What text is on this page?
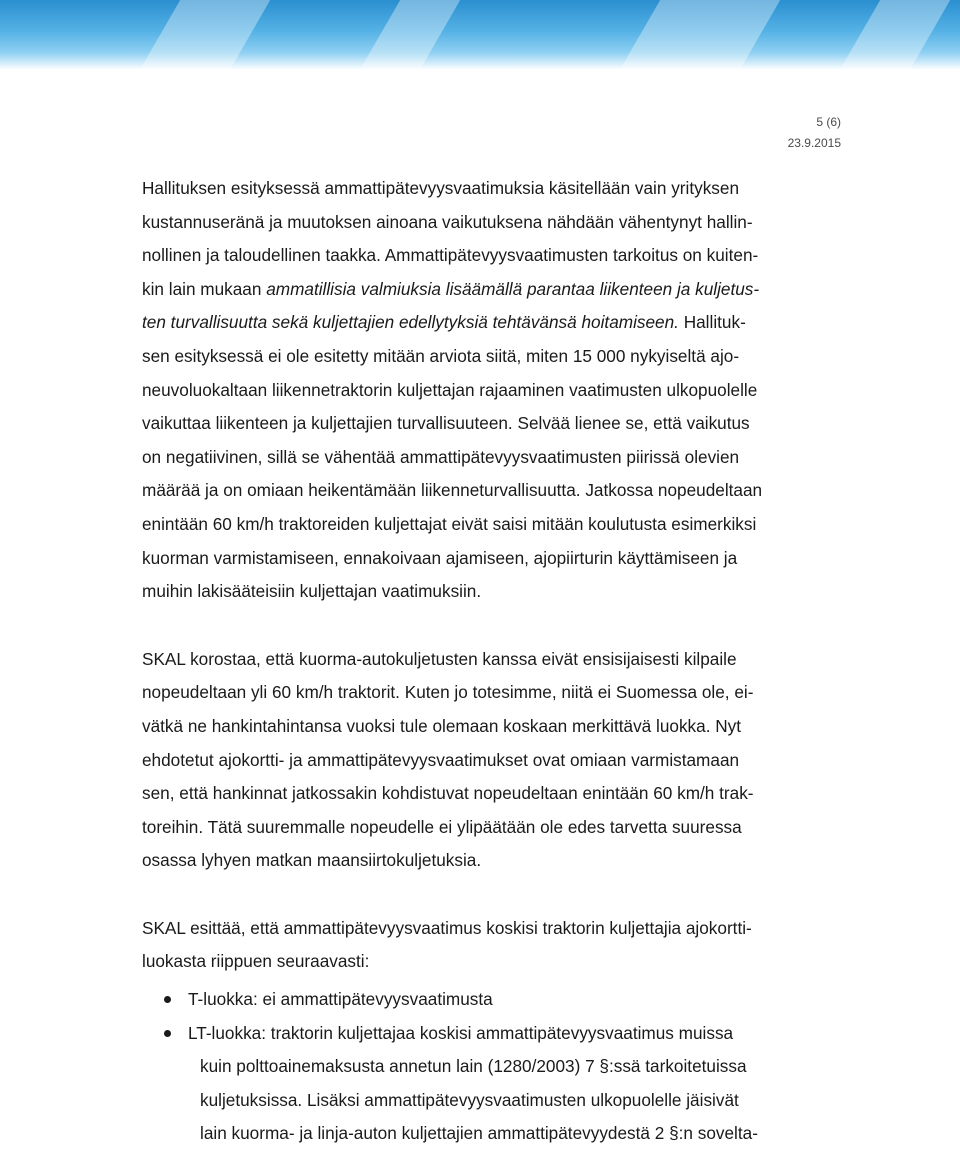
5 (6)
23.9.2015

Hallituksen esityksessä ammattipätevyysvaatimuksia käsitellään vain yrityksen
kustannuseränä ja muutoksen ainoana vaikutuksena nähdään vähentynyt hallin-
nollinen ja taloudellinen taakka. Ammattipätevyysvaatimusten tarkoitus on kuiten-
kin lain mukaan ammatillisia valmiuksia lisäämällä parantaa liikenteen ja kuljetus-
ten turvallisuutta sekä kuljettajien edellytyksiä tehtävänsä hoitamiseen. Hallituk-
sen esityksessä ei ole esitetty mitään arviota siitä, miten 15 000 nykyiseltä ajo-
neuvoluokaltaan liikennetraktorin kuljettajan rajaaminen vaatimusten ulkopuolelle
vaikuttaa liikenteen ja kuljettajien turvallisuuteen. Selvää lienee se, että vaikutus
on negatiivinen, sillä se vähentää ammattipätevyysvaatimusten piirissä olevien
määrää ja on omiaan heikentämään liikenneturvallisuutta. Jatkossa nopeudeltaan
enintään 60 km/h traktoreiden kuljettajat eivät saisi mitään koulutusta esimerkiksi
kuorman varmistamiseen, ennakoivaan ajamiseen, ajopiirturin käyttämiseen ja
muihin lakisääteisiin kuljettajan vaatimuksiin.

SKAL korostaa, että kuorma-autokuljetusten kanssa eivät ensisijaisesti kilpaile
nopeudeltaan yli 60 km/h traktorit. Kuten jo totesimme, niitä ei Suomessa ole, ei-
vätkä ne hankintahintansa vuoksi tule olemaan koskaan merkittävä luokka. Nyt
ehdotetut ajokortti- ja ammattipätevyysvaatimukset ovat omiaan varmistamaan
sen, että hankinnat jatkossakin kohdistuvat nopeudeltaan enintään 60 km/h trak-
toreihin. Tätä suuremmalle nopeudelle ei ylipäätään ole edes tarvetta suuressa
osassa lyhyen matkan maansiirtokuljetuksia.

SKAL esittää, että ammattipätevyysvaatimus koskisi traktorin kuljettajia ajokortti-
luokasta riippuen seuraavasti:

T-luokka: ei ammattipätevyysvaatimusta
LT-luokka: traktorin kuljettajaa koskisi ammattipätevyysvaatimus muissa
kuin polttoainemaksusta annetun lain (1280/2003) 7 §:ssä tarkoitetuissa
kuljetuksissa. Lisäksi ammattipätevyysvaatimusten ulkopuolelle jäisivät
lain kuorma- ja linja-auton kuljettajien ammattipätevyydestä 2 §:n sovelta-
